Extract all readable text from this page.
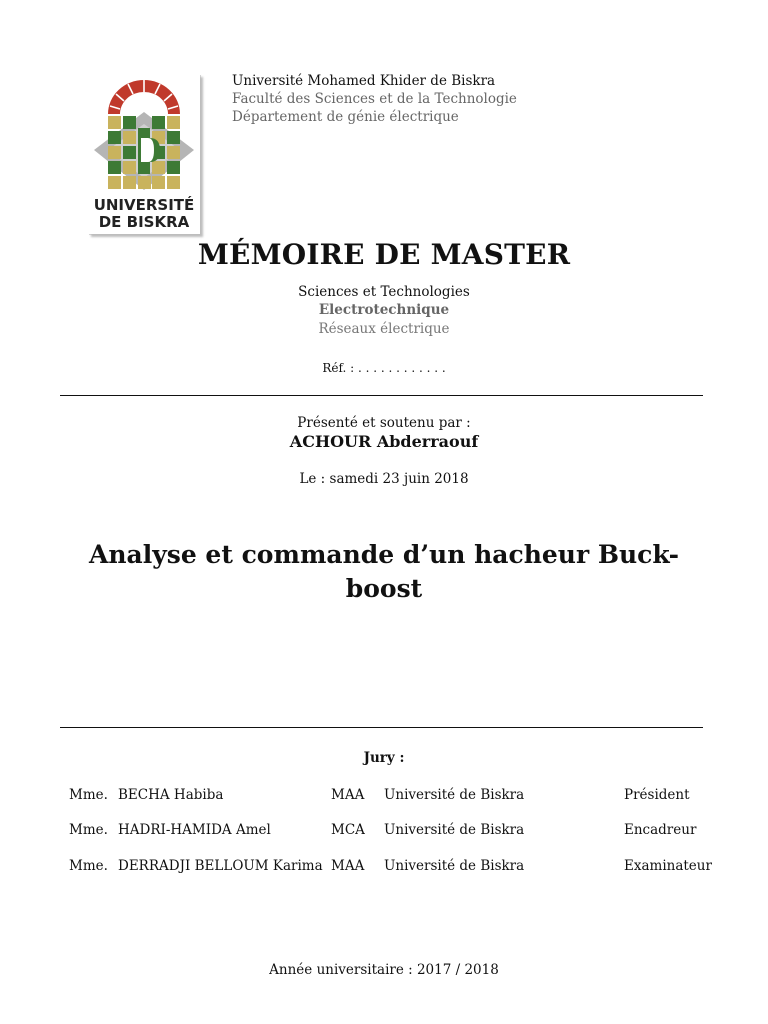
UNIVERSITÉ
DE BISKRA
Université Mohamed Khider de Biskra
Faculté des Sciences et de la Technologie
Département de génie électrique
MÉMOIRE DE MASTER
Sciences et Technologies
Electrotechnique
Réseaux électrique
Réf. : . . . . . . . . . . . .
Présenté et soutenu par :
ACHOUR Abderraouf
Le : samedi 23 juin 2018
Analyse et commande d’un hacheur Buck-
boost
Jury :
Mme. BECHA Habiba	MAA Université de Biskra	Président
Mme. HADRI-HAMIDA Amel	MCA Université de Biskra	Encadreur
Mme. DERRADJI BELLOUM Karima MAA Université de Biskra	Examinateur
Année universitaire : 2017 / 2018
